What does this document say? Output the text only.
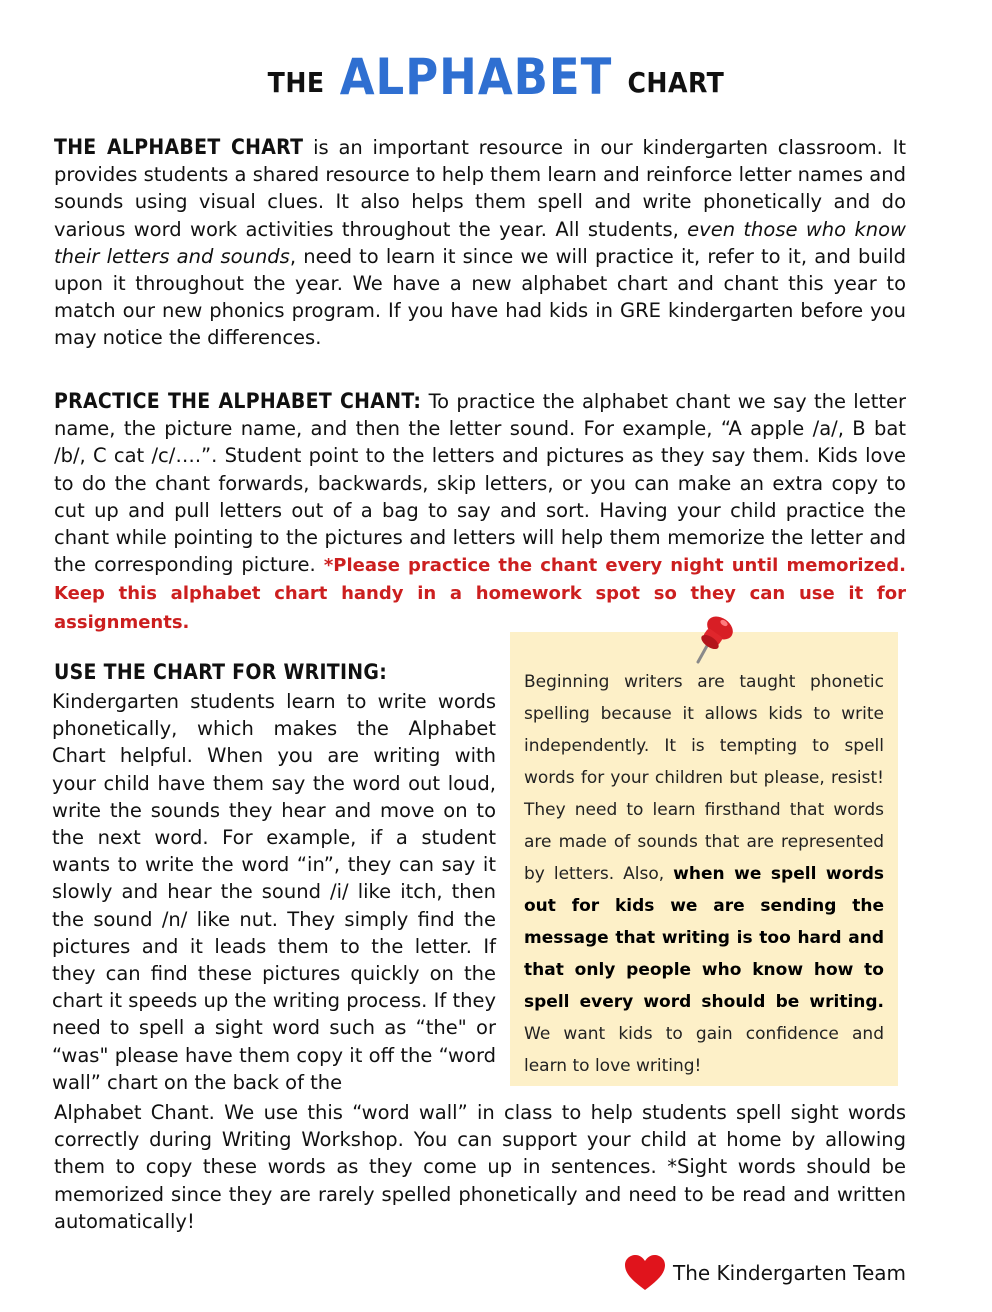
THE ALPHABET CHART

THE ALPHABET CHART is an important resource in our kindergarten classroom. It provides students a shared resource to help them learn and reinforce letter names and sounds using visual clues. It also helps them spell and write phonetically and do various word work activities throughout the year. All students, even those who know their letters and sounds, need to learn it since we will practice it, refer to it, and build upon it throughout the year. We have a new alphabet chart and chant this year to match our new phonics program. If you have had kids in GRE kindergarten before you may notice the differences.

PRACTICE THE ALPHABET CHANT: To practice the alphabet chant we say the letter name, the picture name, and then the letter sound. For example, “A apple /a/, B bat /b/, C cat /c/….”. Student point to the letters and pictures as they say them. Kids love to do the chant forwards, backwards, skip letters, or you can make an extra copy to cut up and pull letters out of a bag to say and sort. Having your child practice the chant while pointing to the pictures and letters will help them memorize the letter and the corresponding picture. *Please practice the chant every night until memorized. Keep this alphabet chart handy in a homework spot so they can use it for assignments.

USE THE CHART FOR WRITING:

Kindergarten students learn to write words phonetically, which makes the Alphabet Chart helpful. When you are writing with your child have them say the word out loud, write the sounds they hear and move on to the next word. For example, if a student wants to write the word “in”, they can say it slowly and hear the sound /i/ like itch, then the sound /n/ like nut. They simply find the pictures and it leads them to the letter. If they can find these pictures quickly on the chart it speeds up the writing process. If they need to spell a sight word such as “the" or “was" please have them copy it off the “word wall” chart on the back of the

Beginning writers are taught phonetic spelling because it allows kids to write independently. It is tempting to spell words for your children but please, resist! They need to learn firsthand that words are made of sounds that are represented by letters. Also, when we spell words out for kids we are sending the message that writing is too hard and that only people who know how to spell every word should be writing. We want kids to gain confidence and learn to love writing!

Alphabet Chant. We use this “word wall” in class to help students spell sight words correctly during Writing Workshop. You can support your child at home by allowing them to copy these words as they come up in sentences. *Sight words should be memorized since they are rarely spelled phonetically and need to be read and written automatically!

The Kindergarten Team
